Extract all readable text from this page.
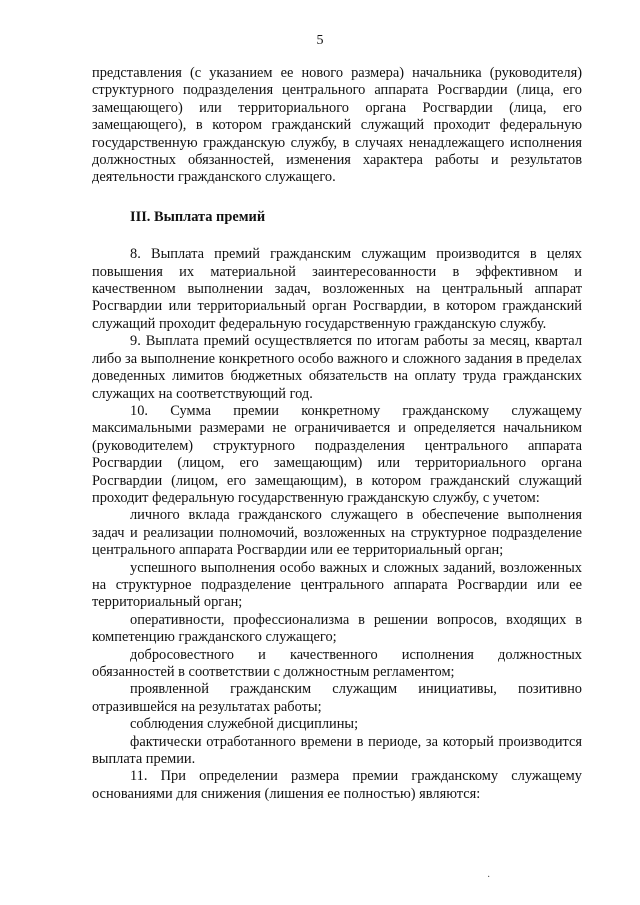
5

представления (с указанием ее нового размера) начальника (руководителя) структурного подразделения центрального аппарата Росгвардии (лица, его замещающего) или территориального органа Росгвардии (лица, его замещающего), в котором гражданский служащий проходит федеральную государственную гражданскую службу, в случаях ненадлежащего исполнения должностных обязанностей, изменения характера работы и результатов деятельности гражданского служащего.

III. Выплата премий

8. Выплата премий гражданским служащим производится в целях повышения их материальной заинтересованности в эффективном и качественном выполнении задач, возложенных на центральный аппарат Росгвардии или территориальный орган Росгвардии, в котором гражданский служащий проходит федеральную государственную гражданскую службу.

9. Выплата премий осуществляется по итогам работы за месяц, квартал либо за выполнение конкретного особо важного и сложного задания в пределах доведенных лимитов бюджетных обязательств на оплату труда гражданских служащих на соответствующий год.

10. Сумма премии конкретному гражданскому служащему максимальными размерами не ограничивается и определяется начальником (руководителем) структурного подразделения центрального аппарата Росгвардии (лицом, его замещающим) или территориального органа Росгвардии (лицом, его замещающим), в котором гражданский служащий проходит федеральную государственную гражданскую службу, с учетом:

личного вклада гражданского служащего в обеспечение выполнения задач и реализации полномочий, возложенных на структурное подразделение центрального аппарата Росгвардии или ее территориальный орган;

успешного выполнения особо важных и сложных заданий, возложенных на структурное подразделение центрального аппарата Росгвардии или ее территориальный орган;

оперативности, профессионализма в решении вопросов, входящих в компетенцию гражданского служащего;

добросовестного и качественного исполнения должностных обязанностей в соответствии с должностным регламентом;

проявленной гражданским служащим инициативы, позитивно отразившейся на результатах работы;

соблюдения служебной дисциплины;

фактически отработанного времени в периоде, за который производится выплата премии.

11. При определении размера премии гражданскому служащему основаниями для снижения (лишения ее полностью) являются:

·
